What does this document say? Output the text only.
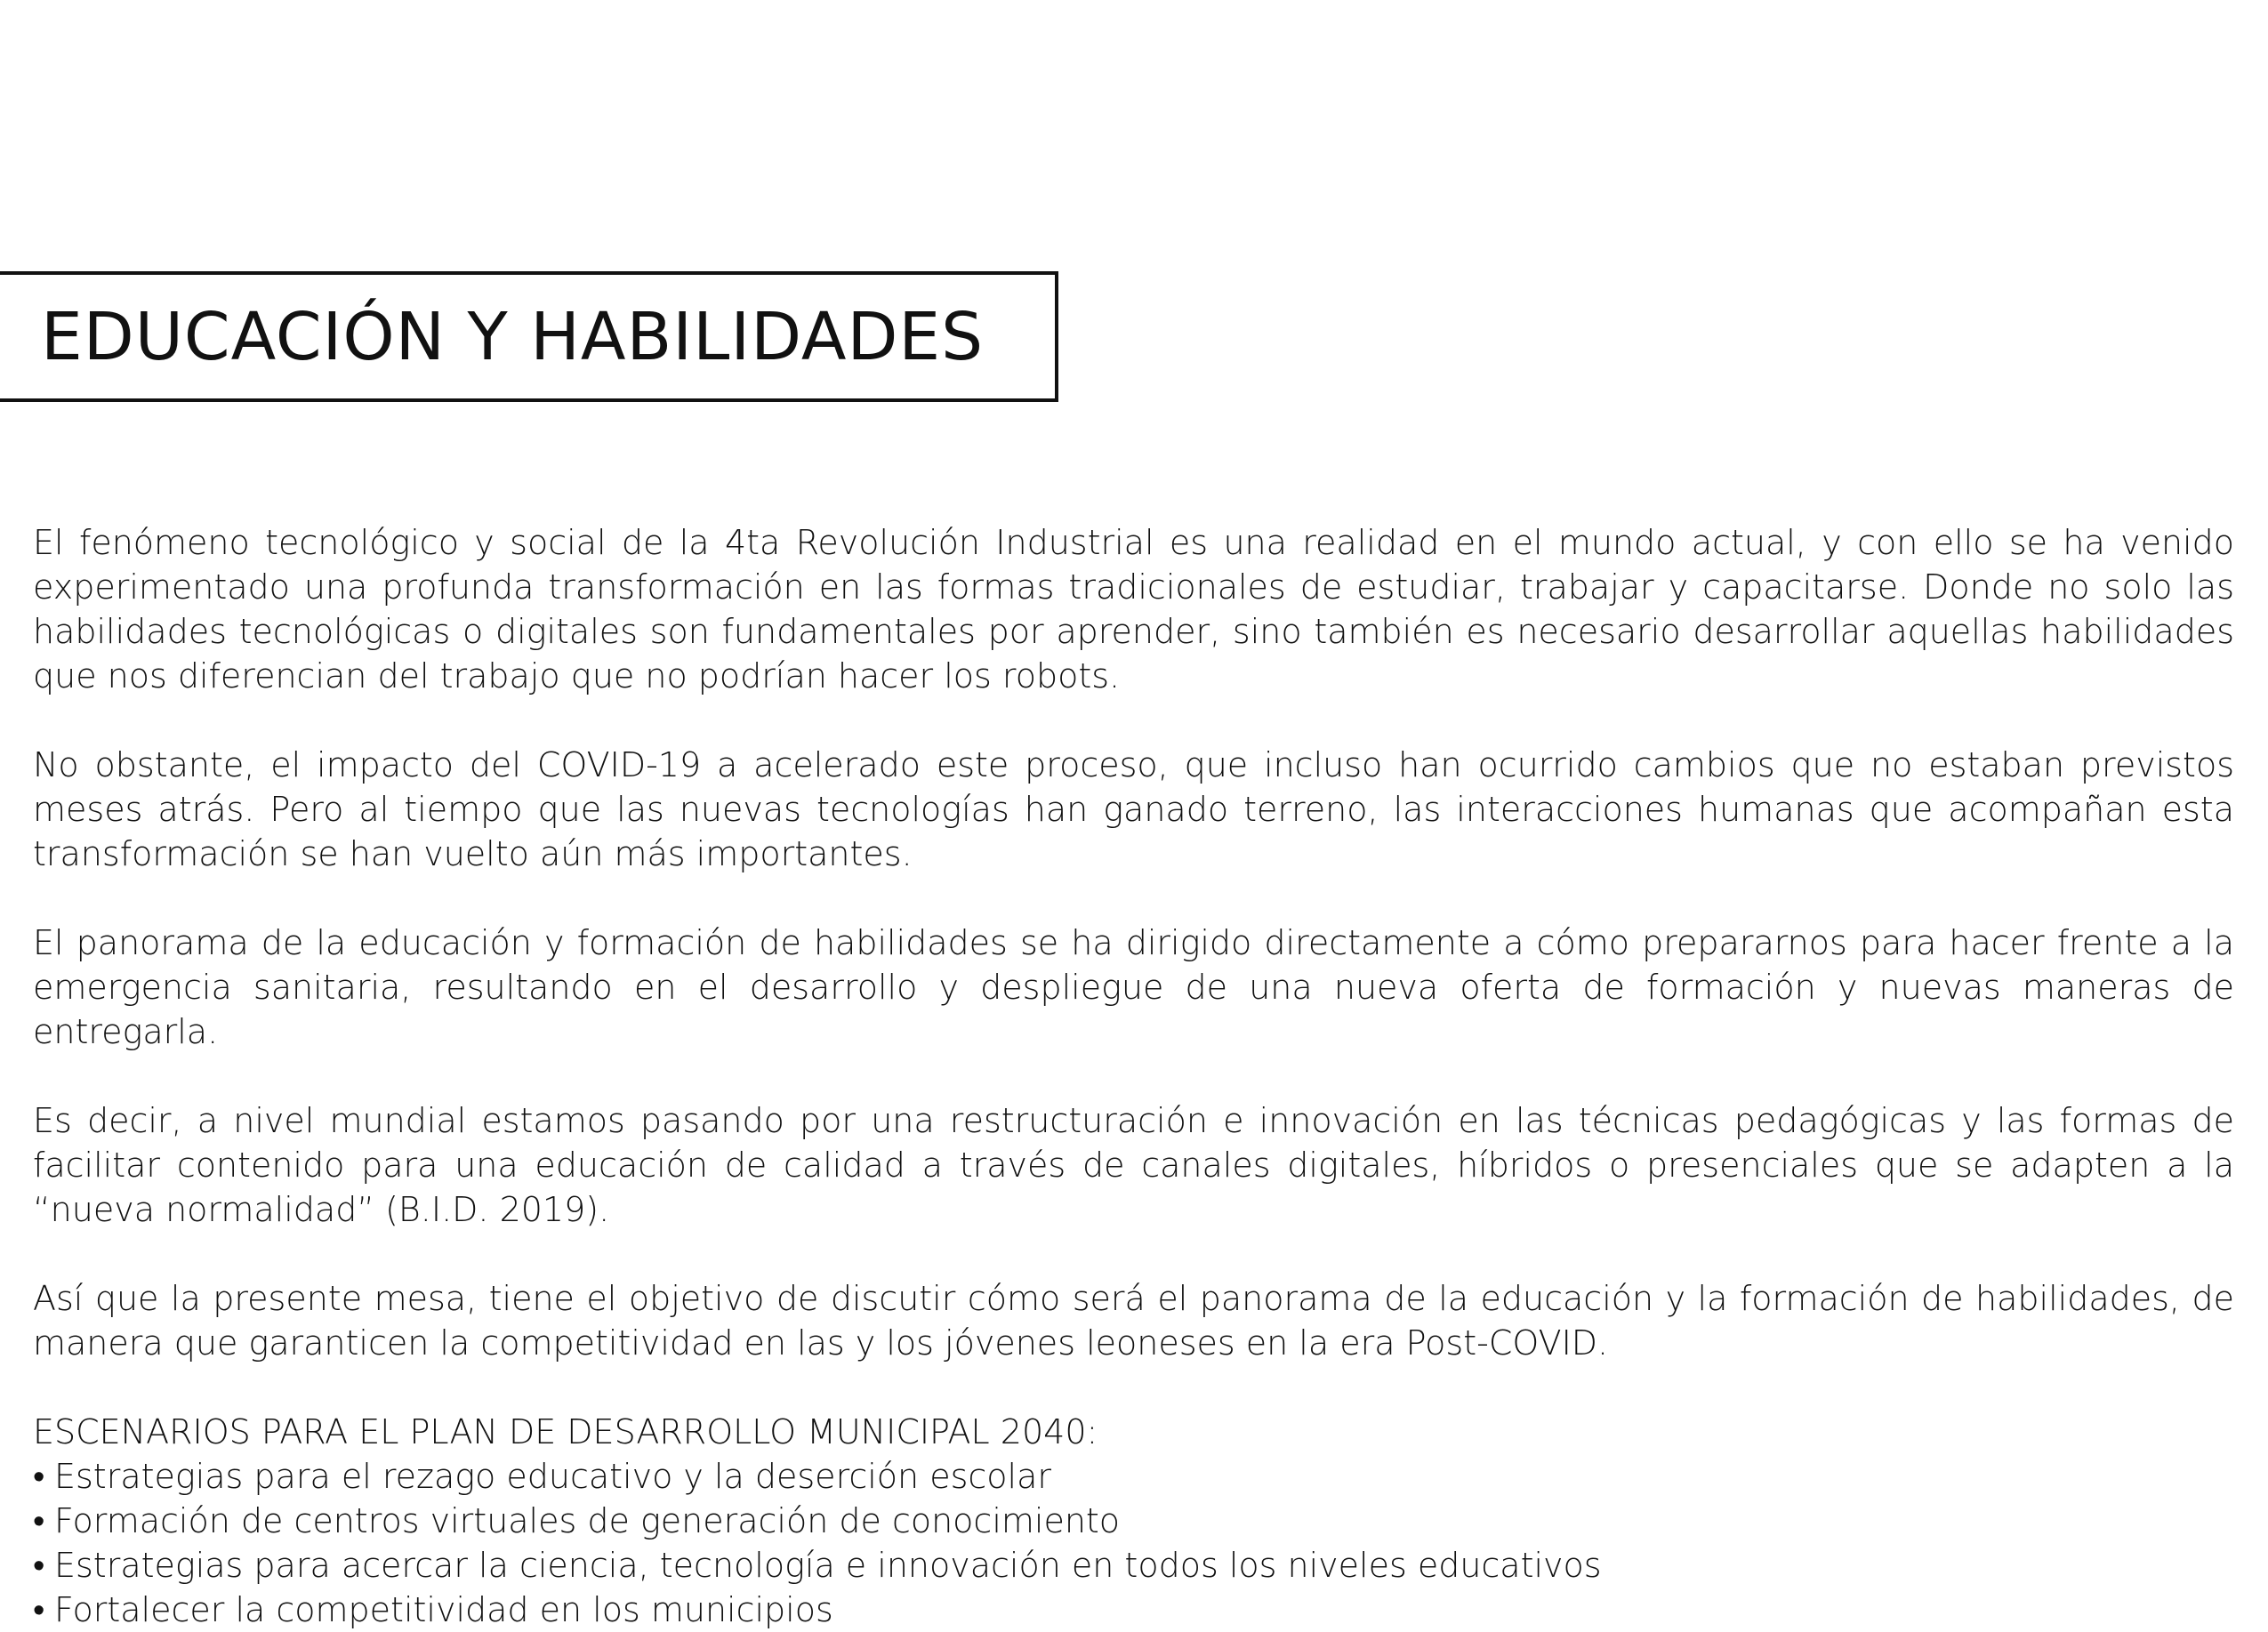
EDUCACIÓN Y HABILIDADES

El fenómeno tecnológico y social de la 4ta Revolución Industrial es una realidad en el mundo actual, y con ello se ha venido experimentado una profunda transformación en las formas tradicionales de estudiar, trabajar y capacitarse. Donde no solo las habilidades tecnológicas o digitales son fundamentales por aprender, sino también es necesario desarrollar aquellas habilidades que nos diferencian del trabajo que no podrían hacer los robots.

No obstante, el impacto del COVID-19 a acelerado este proceso, que incluso han ocurrido cambios que no estaban previstos meses atrás. Pero al tiempo que las nuevas tecnologías han ganado terreno, las interacciones humanas que acompañan esta transformación se han vuelto aún más importantes.

El panorama de la educación y formación de habilidades se ha dirigido directamente a cómo prepararnos para hacer frente a la emergencia sanitaria, resultando en el desarrollo y despliegue de una nueva oferta de formación y nuevas maneras de entregarla.

Es decir, a nivel mundial estamos pasando por una restructuración e innovación en las técnicas pedagógicas y las formas de facilitar contenido para una educación de calidad a través de canales digitales, híbridos o presenciales que se adapten a la “nueva normalidad” (B.I.D. 2019).

Así que la presente mesa, tiene el objetivo de discutir cómo será el panorama de la educación y la formación de habilidades, de manera que garanticen la competitividad en las y los jóvenes leoneses en la era Post-COVID.

ESCENARIOS PARA EL PLAN DE DESARROLLO MUNICIPAL 2040:

• Estrategias para el rezago educativo y la deserción escolar
• Formación de centros virtuales de generación de conocimiento
• Estrategias para acercar la ciencia, tecnología e innovación en todos los niveles educativos
• Fortalecer la competitividad en los municipios
